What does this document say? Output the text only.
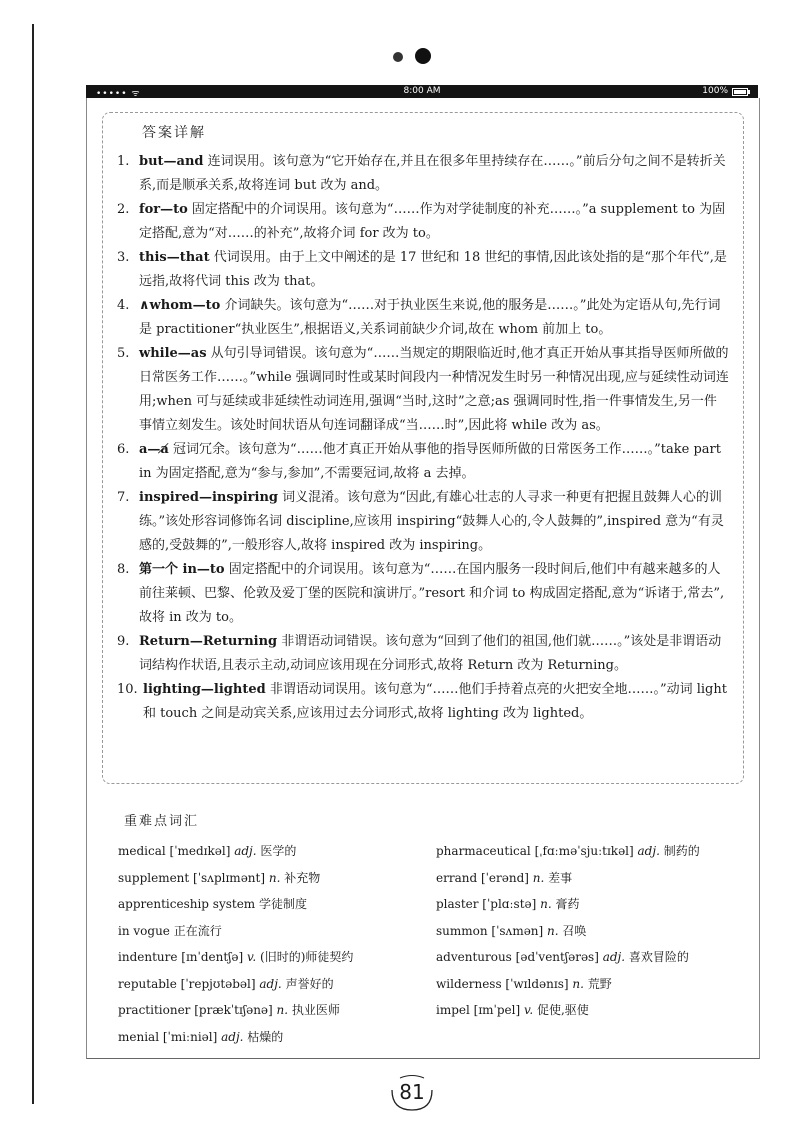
••••• ᯤ	8:00 AM	100%
答案详解
1. but—and 连词误用。该句意为“它开始存在,并且在很多年里持续存在……。”前后分句之间不是转折关系,而是顺承关系,故将连词 but 改为 and。
2. for—to 固定搭配中的介词误用。该句意为“……作为对学徒制度的补充……。”a supplement to 为固定搭配,意为“对……的补充”,故将介词 for 改为 to。
3. this—that 代词误用。由于上文中阐述的是 17 世纪和 18 世纪的事情,因此该处指的是“那个年代”,是远指,故将代词 this 改为 that。
4. ∧whom—to 介词缺失。该句意为“……对于执业医生来说,他的服务是……。”此处为定语从句,先行词是 practitioner“执业医生”,根据语义,关系词前缺少介词,故在 whom 前加上 to。
5. while—as 从句引导词错误。该句意为“……当规定的期限临近时,他才真正开始从事其指导医师所做的日常医务工作……。”while 强调同时性或某时间段内一种情况发生时另一种情况出现,应与延续性动词连用;when 可与延续或非延续性动词连用,强调“当时,这时”之意;as 强调同时性,指一件事情发生,另一件事情立刻发生。该处时间状语从句连词翻译成“当……时”,因此将 while 改为 as。
6. a—a̸ 冠词冗余。该句意为“……他才真正开始从事他的指导医师所做的日常医务工作……。”take part in 为固定搭配,意为“参与,参加”,不需要冠词,故将 a 去掉。
7. inspired—inspiring 词义混淆。该句意为“因此,有雄心壮志的人寻求一种更有把握且鼓舞人心的训练。”该处形容词修饰名词 discipline,应该用 inspiring“鼓舞人心的,令人鼓舞的”,inspired 意为“有灵感的,受鼓舞的”,一般形容人,故将 inspired 改为 inspiring。
8. 第一个 in—to 固定搭配中的介词误用。该句意为“……在国内服务一段时间后,他们中有越来越多的人前往莱顿、巴黎、伦敦及爱丁堡的医院和演讲厅。”resort 和介词 to 构成固定搭配,意为“诉诸于,常去”,故将 in 改为 to。
9. Return—Returning 非谓语动词错误。该句意为“回到了他们的祖国,他们就……。”该处是非谓语动词结构作状语,且表示主动,动词应该用现在分词形式,故将 Return 改为 Returning。
10. lighting—lighted 非谓语动词误用。该句意为“……他们手持着点亮的火把安全地……。”动词 light 和 touch 之间是动宾关系,应该用过去分词形式,故将 lighting 改为 lighted。
重难点词汇
medical [ˈmedɪkəl] adj. 医学的
supplement [ˈsʌplɪmənt] n. 补充物
apprenticeship system 学徒制度
in vogue 正在流行
indenture [ɪnˈdentʃə] v. (旧时的)师徒契约
reputable [ˈrepjʊtəbəl] adj. 声誉好的
practitioner [prækˈtɪʃənə] n. 执业医师
menial [ˈmiːniəl] adj. 枯燥的
pharmaceutical [ˌfɑːməˈsjuːtɪkəl] adj. 制药的
errand [ˈerənd] n. 差事
plaster [ˈplɑːstə] n. 膏药
summon [ˈsʌmən] n. 召唤
adventurous [ədˈventʃərəs] adj. 喜欢冒险的
wilderness [ˈwɪldənɪs] n. 荒野
impel [ɪmˈpel] v. 促使,驱使
81
